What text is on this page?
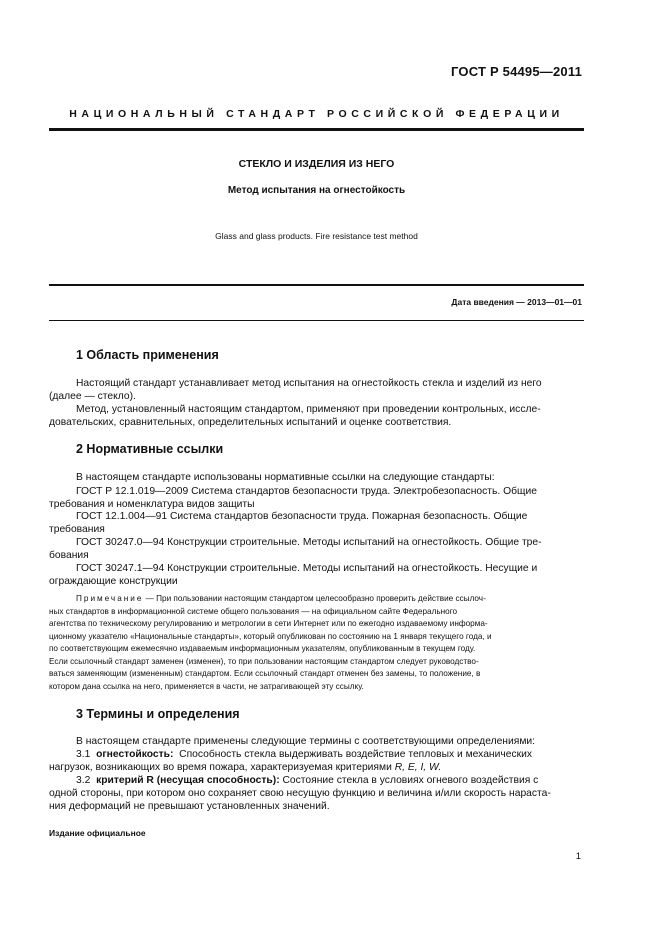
ГОСТ Р 54495—2011
НАЦИОНАЛЬНЫЙ СТАНДАРТ РОССИЙСКОЙ ФЕДЕРАЦИИ
СТЕКЛО И ИЗДЕЛИЯ ИЗ НЕГО
Метод испытания на огнестойкость
Glass and glass products. Fire resistance test method
Дата введения — 2013—01—01
1 Область применения
Настоящий стандарт устанавливает метод испытания на огнестойкость стекла и изделий из него
(далее — стекло).
Метод, установленный настоящим стандартом, применяют при проведении контрольных, иссле-
довательских, сравнительных, определительных испытаний и оценке соответствия.
2 Нормативные ссылки
В настоящем стандарте использованы нормативные ссылки на следующие стандарты:
ГОСТ Р 12.1.019—2009 Система стандартов безопасности труда. Электробезопасность. Общие
требования и номенклатура видов защиты
ГОСТ 12.1.004—91 Система стандартов безопасности труда. Пожарная безопасность. Общие
требования
ГОСТ 30247.0—94 Конструкции строительные. Методы испытаний на огнестойкость. Общие тре-
бования
ГОСТ 30247.1—94 Конструкции строительные. Методы испытаний на огнестойкость. Несущие и
ограждающие конструкции
Примечание — При пользовании настоящим стандартом целесообразно проверить действие ссылоч-
ных стандартов в информационной системе общего пользования — на официальном сайте Федерального
агентства по техническому регулированию и метрологии в сети Интернет или по ежегодно издаваемому информа-
ционному указателю «Национальные стандарты», который опубликован по состоянию на 1 января текущего года, и
по соответствующим ежемесячно издаваемым информационным указателям, опубликованным в текущем году.
Если ссылочный стандарт заменен (изменен), то при пользовании настоящим стандартом следует руководство-
ваться заменяющим (измененным) стандартом. Если ссылочный стандарт отменен без замены, то положение, в
котором дана ссылка на него, применяется в части, не затрагивающей эту ссылку.
3 Термины и определения
В настоящем стандарте применены следующие термины с соответствующими определениями:
3.1 огнестойкость: Способность стекла выдерживать воздействие тепловых и механических
нагрузок, возникающих во время пожара, характеризуемая критериями R, E, I, W.
3.2 критерий R (несущая способность): Состояние стекла в условиях огневого воздействия с
одной стороны, при котором оно сохраняет свою несущую функцию и величина и/или скорость нараста-
ния деформаций не превышают установленных значений.
Издание официальное
1
